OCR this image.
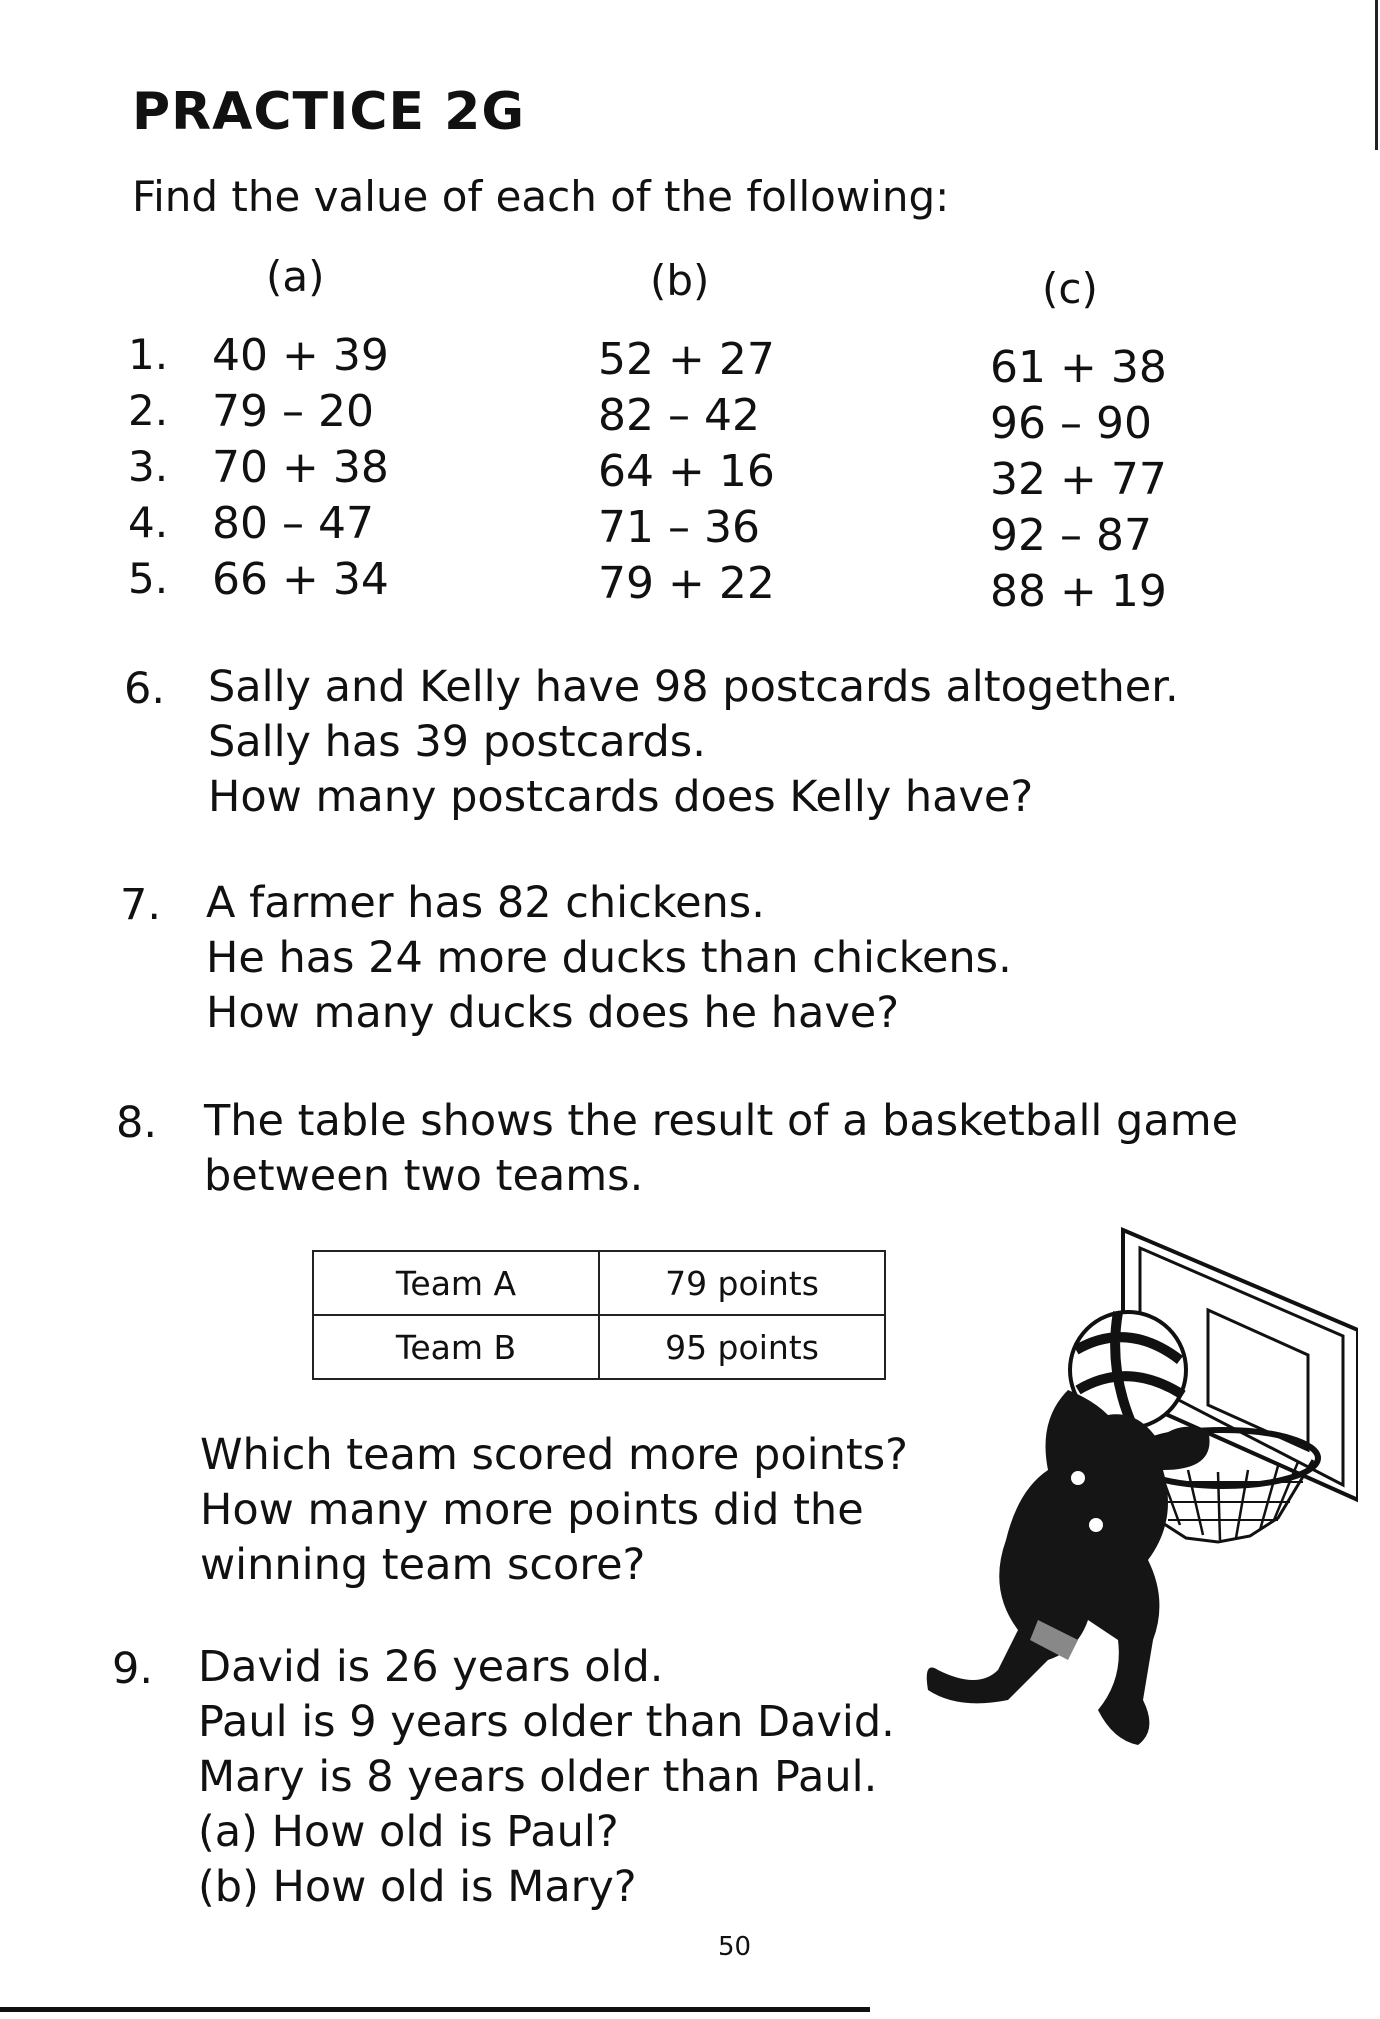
PRACTICE 2G
Find the value of each of the following:
(a)	(b)	(c)
1. 40 + 39	52 + 27	61 + 38
2. 79 – 20	82 – 42	96 – 90
3. 70 + 38	64 + 16	32 + 77
4. 80 – 47	71 – 36	92 – 87
5. 66 + 34	79 + 22	88 + 19
6. Sally and Kelly have 98 postcards altogether.
Sally has 39 postcards.
How many postcards does Kelly have?
7. A farmer has 82 chickens.
He has 24 more ducks than chickens.
How many ducks does he have?
8. The table shows the result of a basketball game
between two teams.
Team A	79 points
Team B	95 points
Which team scored more points?
How many more points did the
winning team score?
9. David is 26 years old.
Paul is 9 years older than David.
Mary is 8 years older than Paul.
(a) How old is Paul?
(b) How old is Mary?
50
